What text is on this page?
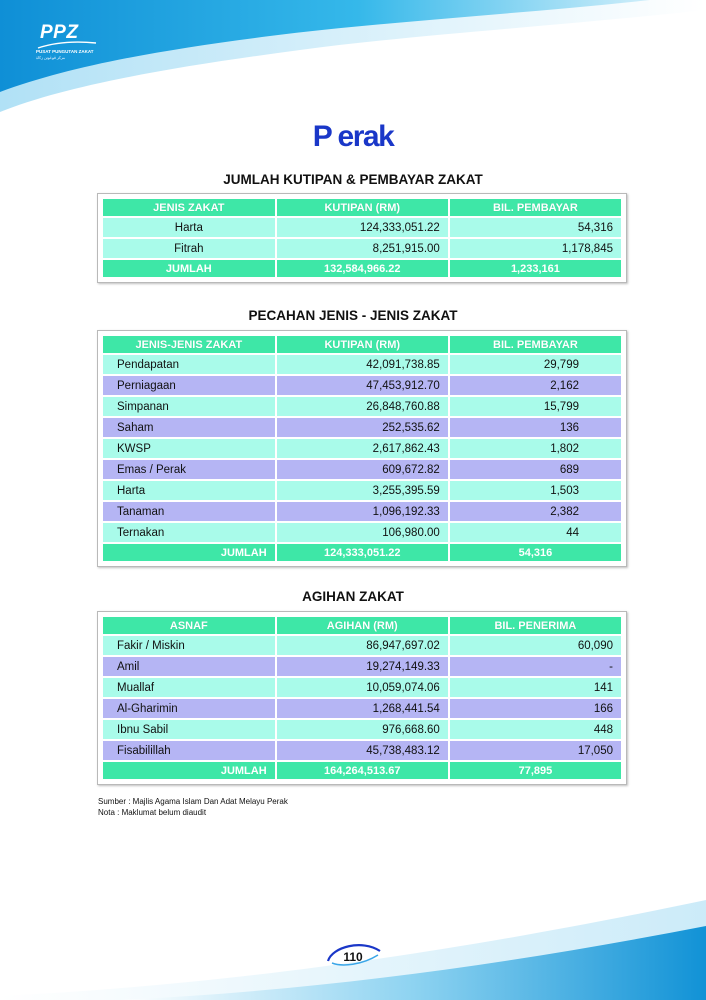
PPZ
PUSAT PUNGUTAN ZAKAT
مركز ڤوڠوتن زكاة
P erak
JUMLAH KUTIPAN & PEMBAYAR ZAKAT
JENIS ZAKAT	KUTIPAN (RM)	BIL. PEMBAYAR
Harta	124,333,051.22	54,316
Fitrah	8,251,915.00	1,178,845
JUMLAH	132,584,966.22	1,233,161
PECAHAN JENIS - JENIS ZAKAT
JENIS-JENIS ZAKAT	KUTIPAN (RM)	BIL. PEMBAYAR
Pendapatan	42,091,738.85	29,799
Perniagaan	47,453,912.70	2,162
Simpanan	26,848,760.88	15,799
Saham	252,535.62	136
KWSP	2,617,862.43	1,802
Emas / Perak	609,672.82	689
Harta	3,255,395.59	1,503
Tanaman	1,096,192.33	2,382
Ternakan	106,980.00	44
JUMLAH	124,333,051.22	54,316
AGIHAN ZAKAT
ASNAF	AGIHAN (RM)	BIL. PENERIMA
Fakir / Miskin	86,947,697.02	60,090
Amil	19,274,149.33	-
Muallaf	10,059,074.06	141
Al-Gharimin	1,268,441.54	166
Ibnu Sabil	976,668.60	448
Fisabilillah	45,738,483.12	17,050
JUMLAH	164,264,513.67	77,895
Sumber : Majlis Agama Islam Dan Adat Melayu Perak
Nota : Maklumat belum diaudit
110
